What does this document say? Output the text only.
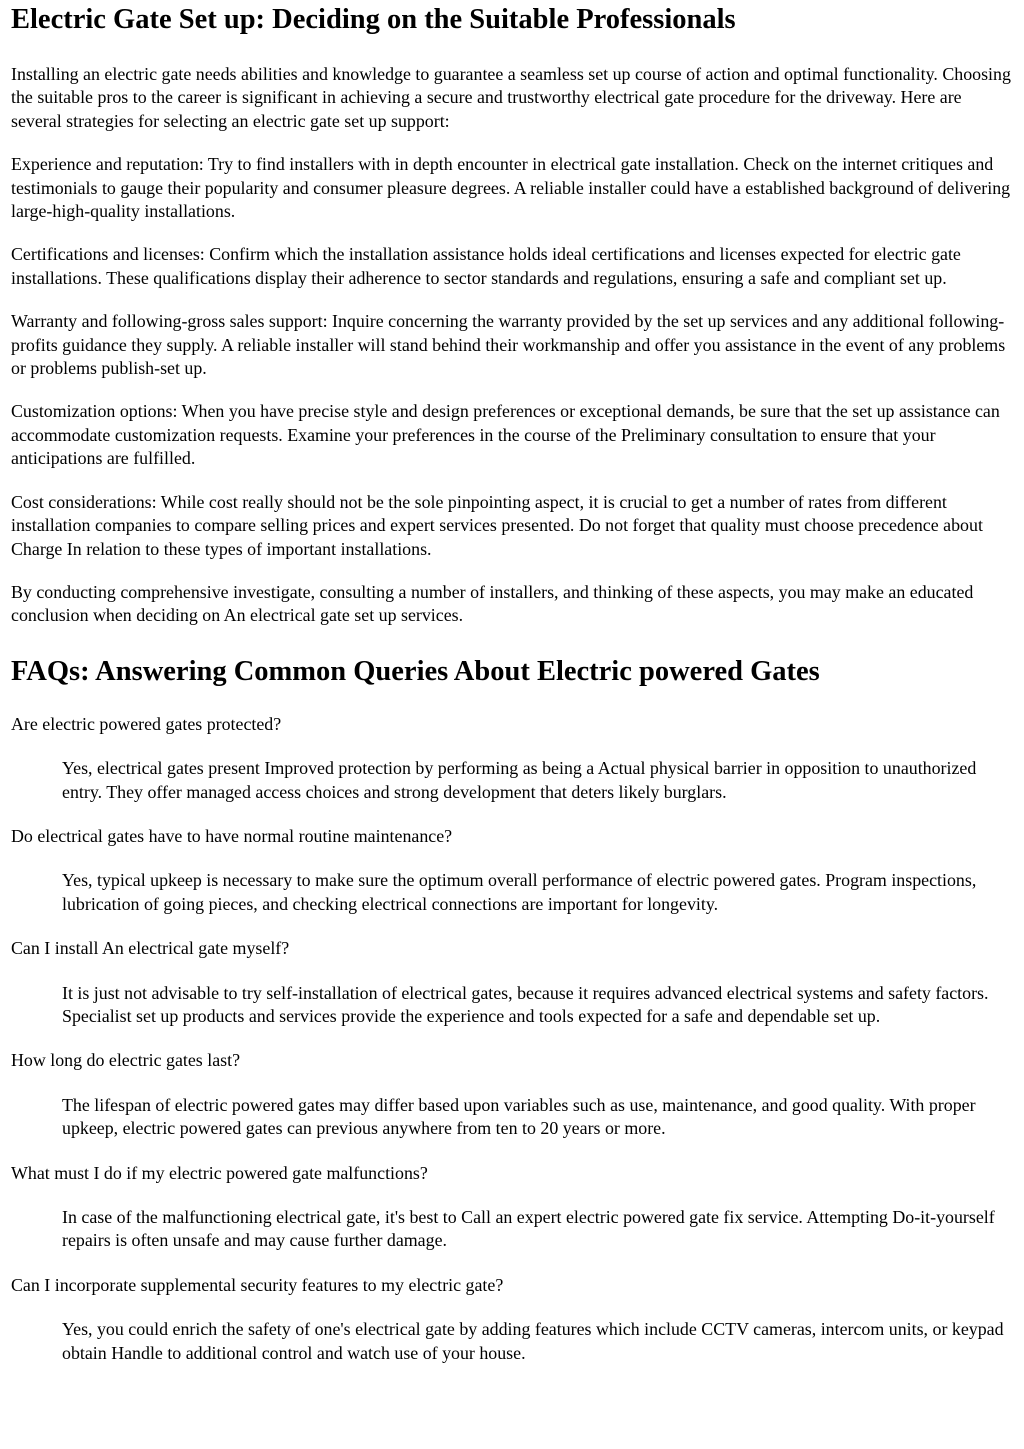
Electric Gate Set up: Deciding on the Suitable Professionals

Installing an electric gate needs abilities and knowledge to guarantee a seamless set up course of action and optimal functionality. Choosing the suitable pros to the career is significant in achieving a secure and trustworthy electrical gate procedure for the driveway. Here are several strategies for selecting an electric gate set up support:

Experience and reputation: Try to find installers with in depth encounter in electrical gate installation. Check on the internet critiques and testimonials to gauge their popularity and consumer pleasure degrees. A reliable installer could have a established background of delivering large-high-quality installations.

Certifications and licenses: Confirm which the installation assistance holds ideal certifications and licenses expected for electric gate installations. These qualifications display their adherence to sector standards and regulations, ensuring a safe and compliant set up.

Warranty and following-gross sales support: Inquire concerning the warranty provided by the set up services and any additional following-profits guidance they supply. A reliable installer will stand behind their workmanship and offer you assistance in the event of any problems or problems publish-set up.

Customization options: When you have precise style and design preferences or exceptional demands, be sure that the set up assistance can accommodate customization requests. Examine your preferences in the course of the Preliminary consultation to ensure that your anticipations are fulfilled.

Cost considerations: While cost really should not be the sole pinpointing aspect, it is crucial to get a number of rates from different installation companies to compare selling prices and expert services presented. Do not forget that quality must choose precedence about Charge In relation to these types of important installations.

By conducting comprehensive investigate, consulting a number of installers, and thinking of these aspects, you may make an educated conclusion when deciding on An electrical gate set up services.

FAQs: Answering Common Queries About Electric powered Gates
Are electric powered gates protected?
Yes, electrical gates present Improved protection by performing as being a Actual physical barrier in opposition to unauthorized entry. They offer managed access choices and strong development that deters likely burglars.
Do electrical gates have to have normal routine maintenance?
Yes, typical upkeep is necessary to make sure the optimum overall performance of electric powered gates. Program inspections, lubrication of going pieces, and checking electrical connections are important for longevity.
Can I install An electrical gate myself?
It is just not advisable to try self-installation of electrical gates, because it requires advanced electrical systems and safety factors. Specialist set up products and services provide the experience and tools expected for a safe and dependable set up.
How long do electric gates last?
The lifespan of electric powered gates may differ based upon variables such as use, maintenance, and good quality. With proper upkeep, electric powered gates can previous anywhere from ten to 20 years or more.
What must I do if my electric powered gate malfunctions?
In case of the malfunctioning electrical gate, it's best to Call an expert electric powered gate fix service. Attempting Do-it-yourself repairs is often unsafe and may cause further damage.
Can I incorporate supplemental security features to my electric gate?
Yes, you could enrich the safety of one's electrical gate by adding features which include CCTV cameras, intercom units, or keypad obtain Handle to additional control and watch use of your house.
